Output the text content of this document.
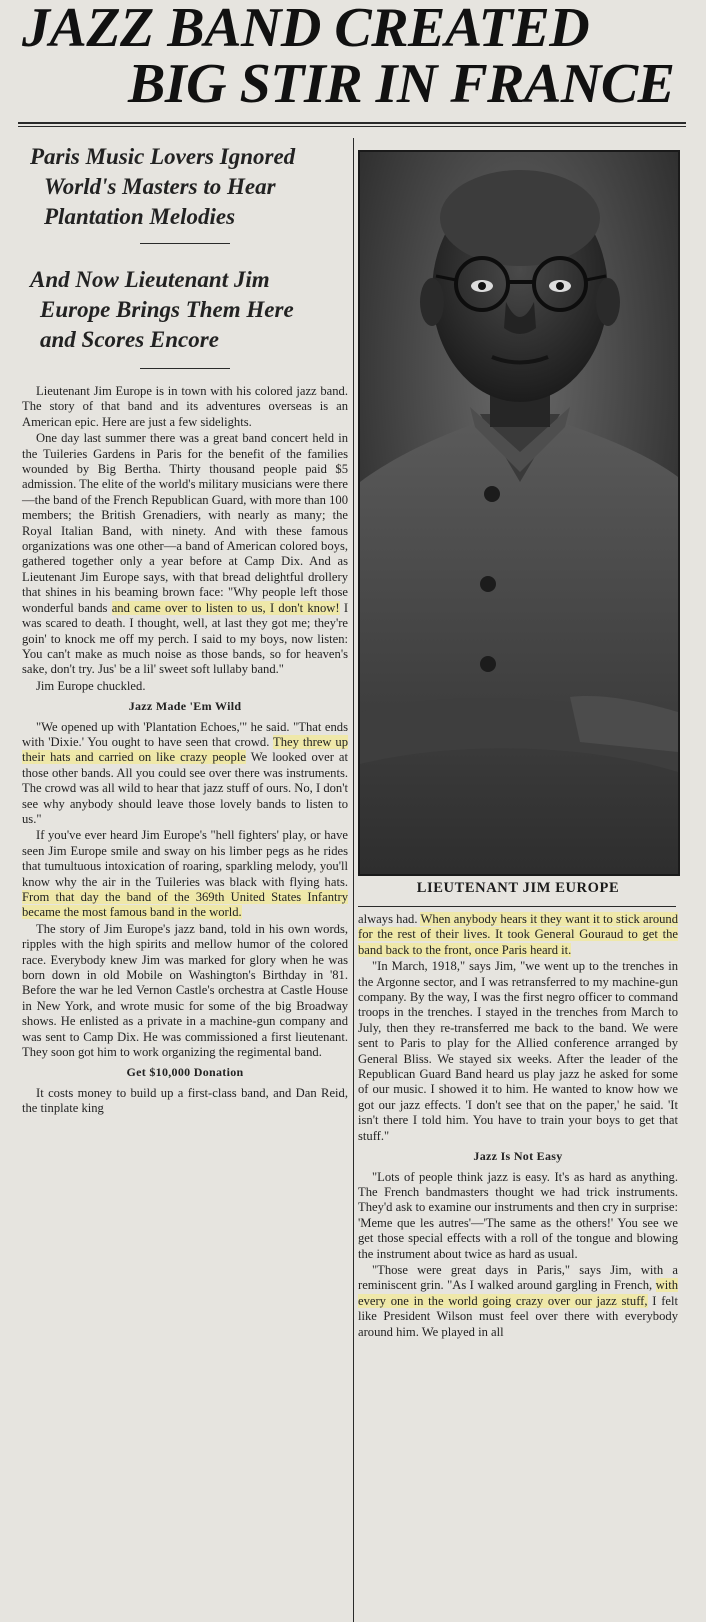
JAZZ BAND CREATED
BIG STIR IN FRANCE
Paris Music Lovers Ignored
World's Masters to Hear
Plantation Melodies
And Now Lieutenant Jim
Europe Brings Them Here
and Scores Encore
LIEUTENANT JIM EUROPE

Lieutenant Jim Europe is in town with his colored jazz band. The story of that band and its adventures overseas is an American epic. Here are just a few sidelights.

One day last summer there was a great band concert held in the Tuileries Gardens in Paris for the benefit of the families wounded by Big Bertha. Thirty thousand people paid $5 admission. The elite of the world's military musicians were there—the band of the French Republican Guard, with more than 100 members; the British Grenadiers, with nearly as many; the Royal Italian Band, with ninety. And with these famous organizations was one other—a band of American colored boys, gathered together only a year before at Camp Dix. And as Lieutenant Jim Europe says, with that bread delightful drollery that shines in his beaming brown face: "Why people left those wonderful bands and came over to listen to us, I don't know! I was scared to death. I thought, well, at last they got me; they're goin' to knock me off my perch. I said to my boys, now listen: You can't make as much noise as those bands, so for heaven's sake, don't try. Jus' be a lil' sweet soft lullaby band."

Jim Europe chuckled.

Jazz Made 'Em Wild

"We opened up with 'Plantation Echoes,'" he said. "That ends with 'Dixie.' You ought to have seen that crowd. They threw up their hats and carried on like crazy people We looked over at those other bands. All you could see over there was instruments. The crowd was all wild to hear that jazz stuff of ours. No, I don't see why anybody should leave those lovely bands to listen to us."

If you've ever heard Jim Europe's "hell fighters' play, or have seen Jim Europe smile and sway on his limber pegs as he rides that tumultuous intoxication of roaring, sparkling melody, you'll know why the air in the Tuileries was black with flying hats. From that day the band of the 369th United States Infantry became the most famous band in the world.

The story of Jim Europe's jazz band, told in his own words, ripples with the high spirits and mellow humor of the colored race. Everybody knew Jim was marked for glory when he was born down in old Mobile on Washington's Birthday in '81. Before the war he led Vernon Castle's orchestra at Castle House in New York, and wrote music for some of the big Broadway shows. He enlisted as a private in a machine-gun company and was sent to Camp Dix. He was commissioned a first lieutenant. They soon got him to work organizing the regimental band.

Get $10,000 Donation

It costs money to build up a first-class band, and Dan Reid, the tinplate king

always had. When anybody hears it they want it to stick around for the rest of their lives. It took General Gouraud to get the band back to the front, once Paris heard it.

"In March, 1918," says Jim, "we went up to the trenches in the Argonne sector, and I was retransferred to my machine-gun company. By the way, I was the first negro officer to command troops in the trenches. I stayed in the trenches from March to July, then they re-transferred me back to the band. We were sent to Paris to play for the Allied conference arranged by General Bliss. We stayed six weeks. After the leader of the Republican Guard Band heard us play jazz he asked for some of our music. I showed it to him. He wanted to know how we got our jazz effects. 'I don't see that on the paper,' he said. 'It isn't there I told him. You have to train your boys to get that stuff."

Jazz Is Not Easy

"Lots of people think jazz is easy. It's as hard as anything. The French bandmasters thought we had trick instruments. They'd ask to examine our instruments and then cry in surprise: 'Meme que les autres'—'The same as the others!' You see we get those special effects with a roll of the tongue and blowing the instrument about twice as hard as usual.

"Those were great days in Paris," says Jim, with a reminiscent grin. "As I walked around gargling in French, with every one in the world going crazy over our jazz stuff, I felt like President Wilson must feel over there with everybody around him. We played in all
